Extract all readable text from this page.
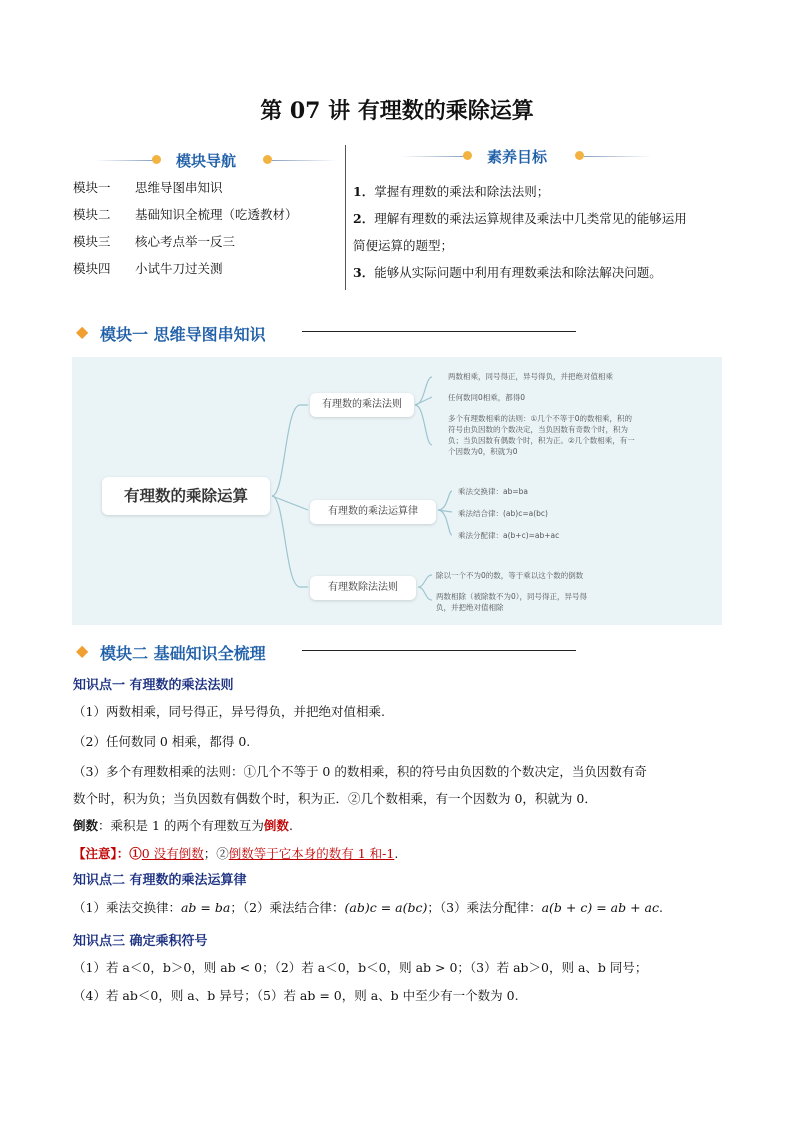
第 07 讲 有理数的乘除运算
模块导航
模块一 思维导图串知识
模块二 基础知识全梳理（吃透教材）
模块三 核心考点举一反三
模块四 小试牛刀过关测
素养目标
1．掌握有理数的乘法和除法法则；
2．理解有理数的乘法运算规律及乘法中几类常见的能够运用
简便运算的题型；
3．能够从实际问题中利用有理数乘法和除法解决问题。
◆ 模块一 思维导图串知识
有理数的乘除运算
有理数的乘法法则
有理数的乘法运算律
有理数除法法则
两数相乘，同号得正，异号得负，并把绝对值相乘
任何数同0相乘，都得0
多个有理数相乘的法则：①几个不等于0的数相乘，积的
符号由负因数的个数决定，当负因数有奇数个时，积为
负；当负因数有偶数个时，积为正。②几个数相乘，有一
个因数为0，积就为0
乘法交换律：ab=ba
乘法结合律：(ab)c=a(bc)
乘法分配律：a(b+c)=ab+ac
除以一个不为0的数，等于乘以这个数的倒数
两数相除（被除数不为0），同号得正，异号得
负，并把绝对值相除
◆ 模块二 基础知识全梳理
知识点一 有理数的乘法法则
（1）两数相乘，同号得正，异号得负，并把绝对值相乘.
（2）任何数同 0 相乘，都得 0.
（3）多个有理数相乘的法则：①几个不等于 0 的数相乘，积的符号由负因数的个数决定，当负因数有奇
数个时，积为负；当负因数有偶数个时，积为正．②几个数相乘，有一个因数为 0，积就为 0．
倒数：乘积是 1 的两个有理数互为倒数.
【注意】：①0 没有倒数；②倒数等于它本身的数有 1 和-1.
知识点二 有理数的乘法运算律
（1）乘法交换律：ab = ba；（2）乘法结合律：(ab)c = a(bc)；（3）乘法分配律：a(b + c) = ab + ac.
知识点三 确定乘积符号
（1）若 a＜0，b＞0，则 ab < 0；（2）若 a＜0，b＜0，则 ab > 0；（3）若 ab＞0，则 a、b 同号；
（4）若 ab＜0，则 a、b 异号；（5）若 ab = 0，则 a、b 中至少有一个数为 0.
